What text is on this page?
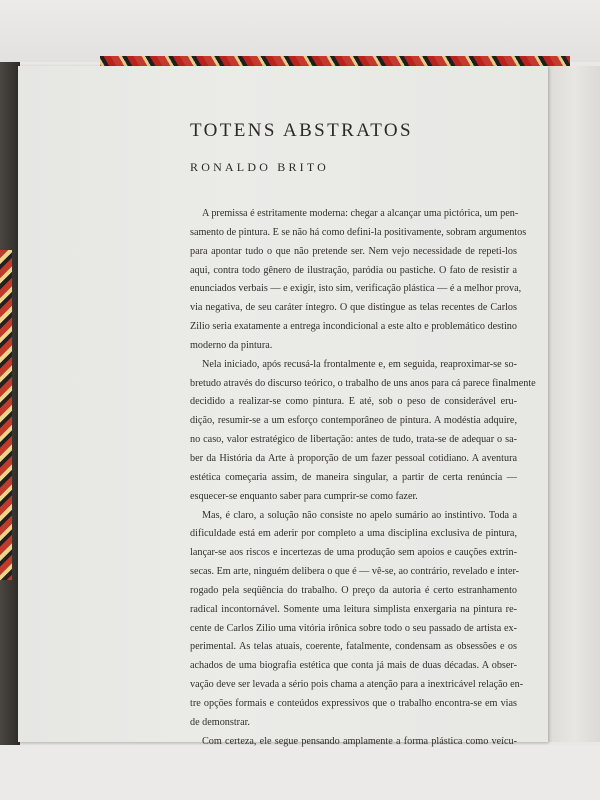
TOTENS ABSTRATOS
RONALDO BRITO
A premissa é estritamente moderna: chegar a alcançar uma pictórica, um pen-
samento de pintura. E se não há como defini-la positivamente, sobram argumentos
para apontar tudo o que não pretende ser. Nem vejo necessidade de repeti-los
aqui, contra todo gênero de ilustração, paródia ou pastiche. O fato de resistir a
enunciados verbais — e exigir, isto sim, verificação plástica — é a melhor prova,
via negativa, de seu caráter íntegro. O que distingue as telas recentes de Carlos
Zilio seria exatamente a entrega incondicional a este alto e problemático destino
moderno da pintura.
Nela iniciado, após recusá-la frontalmente e, em seguida, reaproximar-se so-
bretudo através do discurso teórico, o trabalho de uns anos para cá parece finalmente
decidido a realizar-se como pintura. E até, sob o peso de considerável eru-
dição, resumir-se a um esforço contemporâneo de pintura. A modéstia adquire,
no caso, valor estratégico de libertação: antes de tudo, trata-se de adequar o sa-
ber da História da Arte à proporção de um fazer pessoal cotidiano. A aventura
estética começaria assim, de maneira singular, a partir de certa renúncia —
esquecer-se enquanto saber para cumprir-se como fazer.
Mas, é claro, a solução não consiste no apelo sumário ao instintivo. Toda a
dificuldade está em aderir por completo a uma disciplina exclusiva de pintura,
lançar-se aos riscos e incertezas de uma produção sem apoios e cauções extrin-
secas. Em arte, ninguém delibera o que é — vê-se, ao contrário, revelado e inter-
rogado pela seqüência do trabalho. O preço da autoria é certo estranhamento
radical incontornável. Somente uma leitura simplista enxergaria na pintura re-
cente de Carlos Zilio uma vitória irônica sobre todo o seu passado de artista ex-
perimental. As telas atuais, coerente, fatalmente, condensam as obsessões e os
achados de uma biografia estética que conta já mais de duas décadas. A obser-
vação deve ser levada a sério pois chama a atenção para a inextricável relação en-
tre opções formais e conteúdos expressivos que o trabalho encontra-se em vias
de demonstrar.
Com certeza, ele segue pensando amplamente a forma plástica como veícu-
